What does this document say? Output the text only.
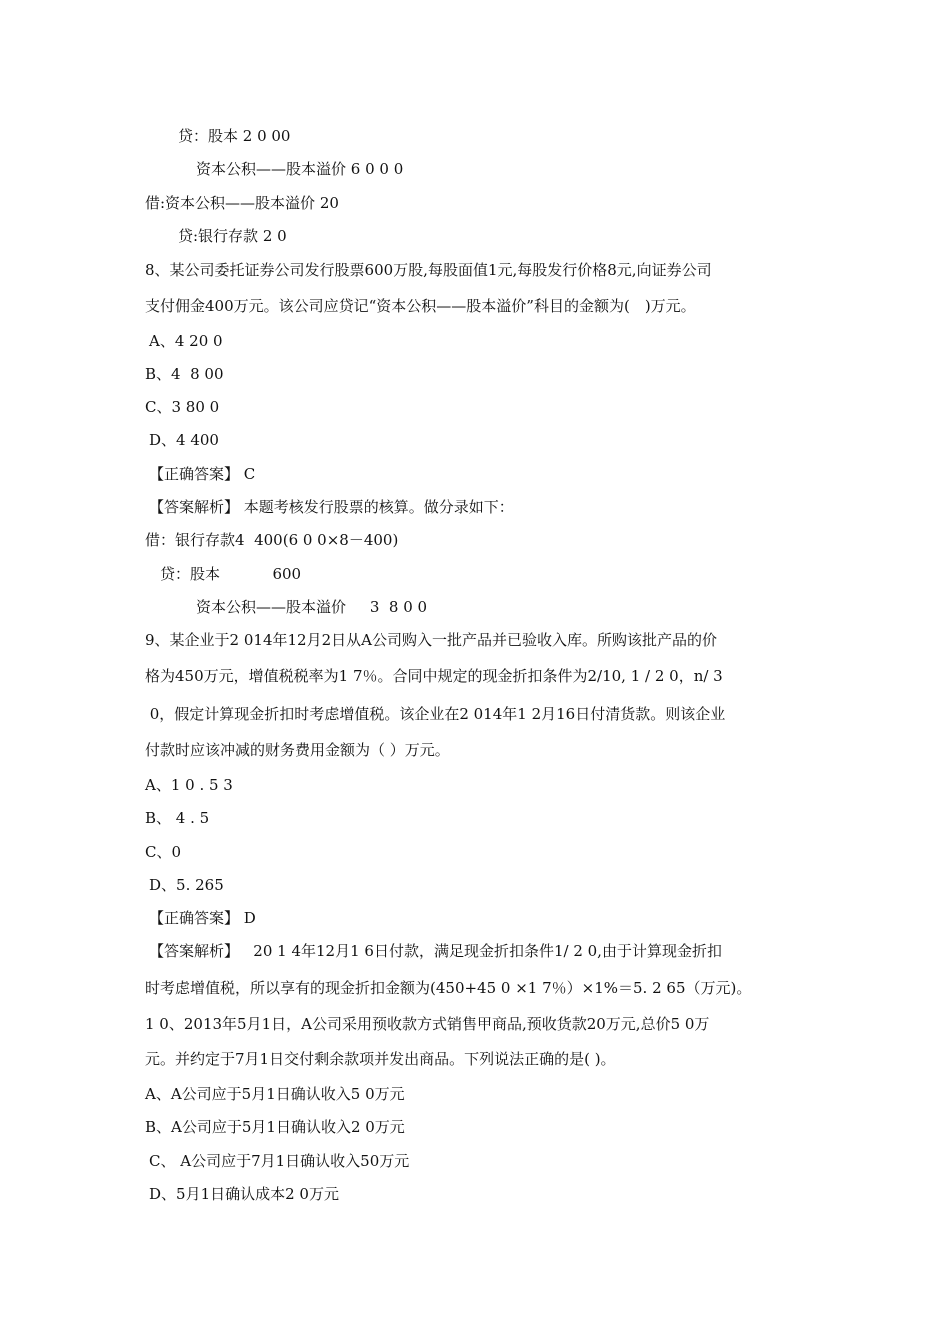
贷：股本 2 0 00
资本公积——股本溢价 6 0 0 0
借:资本公积——股本溢价 20
贷:银行存款 2 0
8、某公司委托证券公司发行股票600万股,每股面值1元,每股发行价格8元,向证券公司
支付佣金400万元。该公司应贷记“资本公积——股本溢价”科目的金额为(　)万元。
A、4 20 0
B、4  8 00
C、3 80 0
D、4 400
【正确答案】 C
【答案解析】 本题考核发行股票的核算。做分录如下：
借：银行存款4  400(6 0 0×8－400)
贷：股本           600
资本公积——股本溢价     3  8 0 0
9、某企业于2 014年12月2日从A公司购入一批产品并已验收入库。所购该批产品的价
格为450万元，增值税税率为1 7％。合同中规定的现金折扣条件为2/10, 1 / 2 0，n/ 3
0，假定计算现金折扣时考虑增值税。该企业在2 014年1 2月16日付清货款。则该企业
付款时应该冲减的财务费用金额为（ ）万元。
A、1 0 . 5 3
B、 4 . 5
C、0
D、5. 265
【正确答案】 D
【答案解析】   20 1 4年12月1 6日付款，满足现金折扣条件1/ 2 0,由于计算现金折扣
时考虑增值税，所以享有的现金折扣金额为(450+45 0 ×1 7％）×1%＝5. 2 65（万元)。
1 0、2013年5月1日，A公司采用预收款方式销售甲商品,预收货款20万元,总价5 0万
元。并约定于7月1日交付剩余款项并发出商品。下列说法正确的是( )。
A、A公司应于5月1日确认收入5 0万元
B、A公司应于5月1日确认收入2 0万元
C、 A公司应于7月1日确认收入50万元
D、5月1日确认成本2 0万元
